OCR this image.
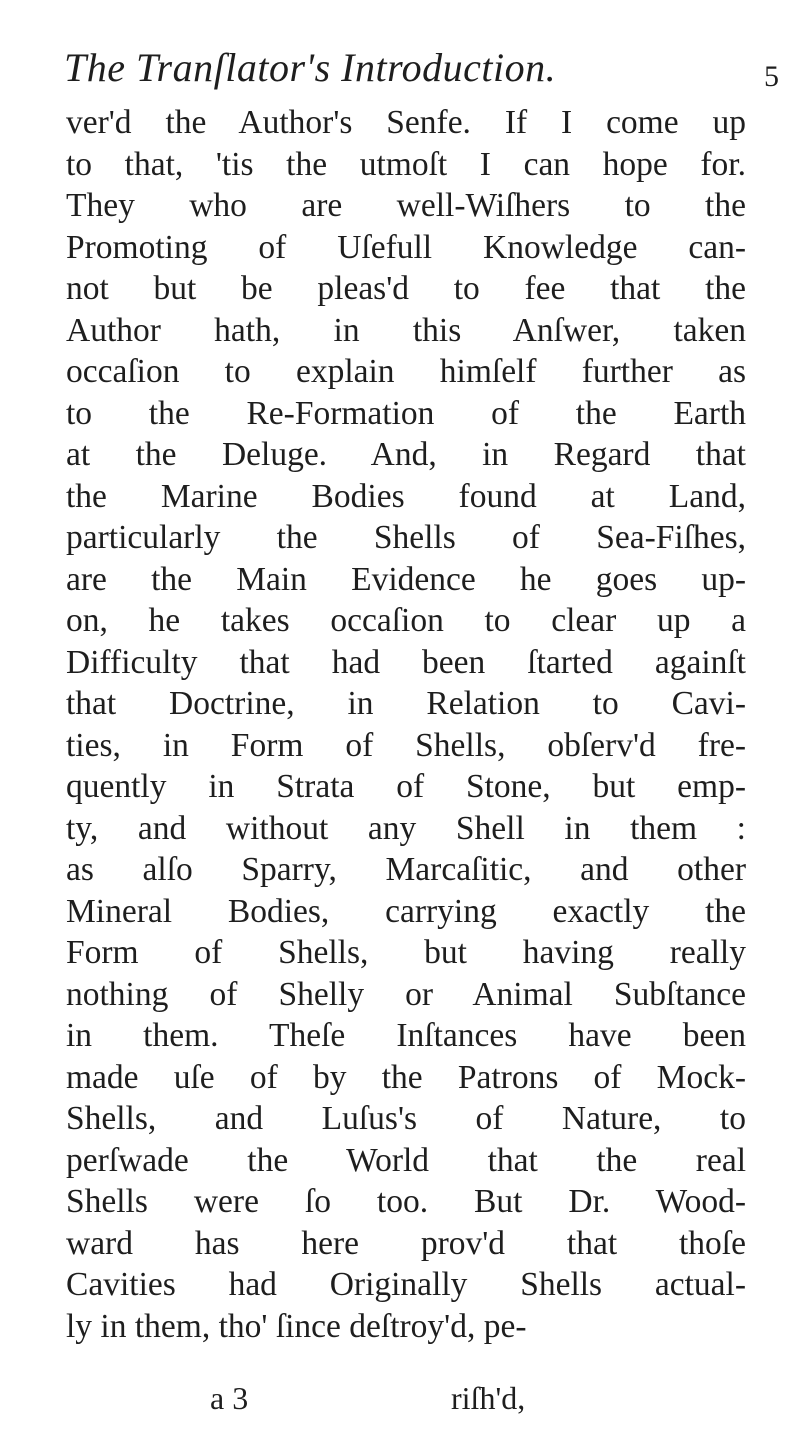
The Tranſlator's Introduction.	5
ver'd the Author's Senfe. If I come up
to that, 'tis the utmoſt I can hope for.
They who are well-Wiſhers to the
Promoting of Uſefull Knowledge can-
not but be pleas'd to fee that the
Author hath, in this Anſwer, taken
occaſion to explain himſelf further as
to the Re-Formation of the Earth
at the Deluge. And, in Regard that
the Marine Bodies found at Land,
particularly the Shells of Sea-Fiſhes,
are the Main Evidence he goes up-
on, he takes occaſion to clear up a
Difficulty that had been ſtarted againſt
that Doctrine, in Relation to Cavi-
ties, in Form of Shells, obſerv'd fre-
quently in Strata of Stone, but emp-
ty, and without any Shell in them :
as alſo Sparry, Marcaſitic, and other
Mineral Bodies, carrying exactly the
Form of Shells, but having really
nothing of Shelly or Animal Subſtance
in them. Theſe Inſtances have been
made uſe of by the Patrons of Mock-
Shells, and Luſus's of Nature, to
perſwade the World that the real
Shells were ſo too. But Dr. Wood-
ward has here prov'd that thoſe
Cavities had Originally Shells actual-
ly in them, tho' ſince deſtroy'd, pe-
a 3	riſh'd,
